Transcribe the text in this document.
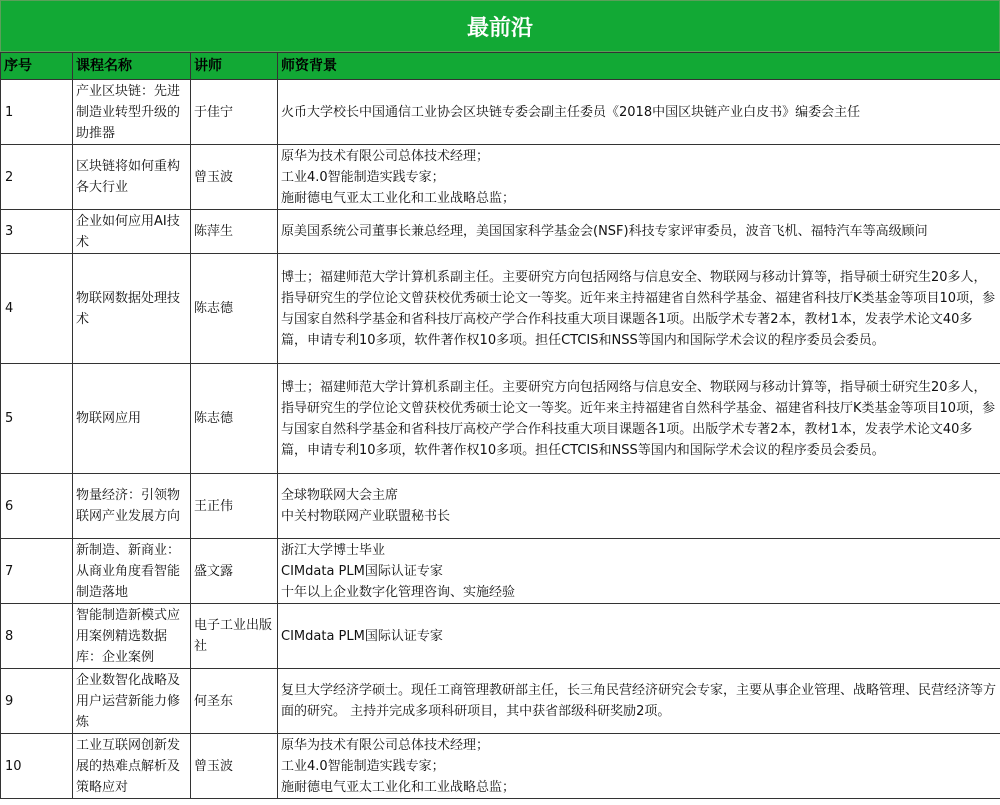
最前沿
序号	课程名称	讲师	师资背景
1	产业区块链：先进制造业转型升级的助推器	于佳宁	火币大学校长中国通信工业协会区块链专委会副主任委员《2018中国区块链产业白皮书》编委会主任

2	区块链将如何重构各大行业	曾玉波	原华为技术有限公司总体技术经理；
工业4.0智能制造实践专家；
施耐德电气亚太工业化和工业战略总监；

3	企业如何应用AI技术	陈萍生	原美国系统公司董事长兼总经理，美国国家科学基金会(NSF)科技专家评审委员，波音飞机、福特汽车等高级顾问

4	物联网数据处理技术	陈志德	博士；福建师范大学计算机系副主任。主要研究方向包括网络与信息安全、物联网与移动计算等，指导硕士研究生20多人，指导研究生的学位论文曾获校优秀硕士论文一等奖。近年来主持福建省自然科学基金、福建省科技厅K类基金等项目10项，参与国家自然科学基金和省科技厅高校产学合作科技重大项目课题各1项。出版学术专著2本，教材1本，发表学术论文40多篇，申请专利10多项，软件著作权10多项。担任CTCIS和NSS等国内和国际学术会议的程序委员会委员。

5	物联网应用	陈志德	博士；福建师范大学计算机系副主任。主要研究方向包括网络与信息安全、物联网与移动计算等，指导硕士研究生20多人，指导研究生的学位论文曾获校优秀硕士论文一等奖。近年来主持福建省自然科学基金、福建省科技厅K类基金等项目10项，参与国家自然科学基金和省科技厅高校产学合作科技重大项目课题各1项。出版学术专著2本，教材1本，发表学术论文40多篇，申请专利10多项，软件著作权10多项。担任CTCIS和NSS等国内和国际学术会议的程序委员会委员。

6	物量经济：引领物联网产业发展方向	王正伟	全球物联网大会主席
中关村物联网产业联盟秘书长

7	新制造、新商业：从商业角度看智能制造落地	盛文露	浙江大学博士毕业
CIMdata PLM国际认证专家
十年以上企业数字化管理咨询、实施经验

8	智能制造新模式应用案例精选数据库：企业案例	电子工业出版社	CIMdata PLM国际认证专家

9	企业数智化战略及用户运营新能力修炼	何圣东	复旦大学经济学硕士。现任工商管理教研部主任，长三角民营经济研究会专家，主要从事企业管理、战略管理、民营经济等方面的研究。 主持并完成多项科研项目，其中获省部级科研奖励2项。

10	工业互联网创新发展的热难点解析及策略应对	曾玉波	原华为技术有限公司总体技术经理；
工业4.0智能制造实践专家；
施耐德电气亚太工业化和工业战略总监；
